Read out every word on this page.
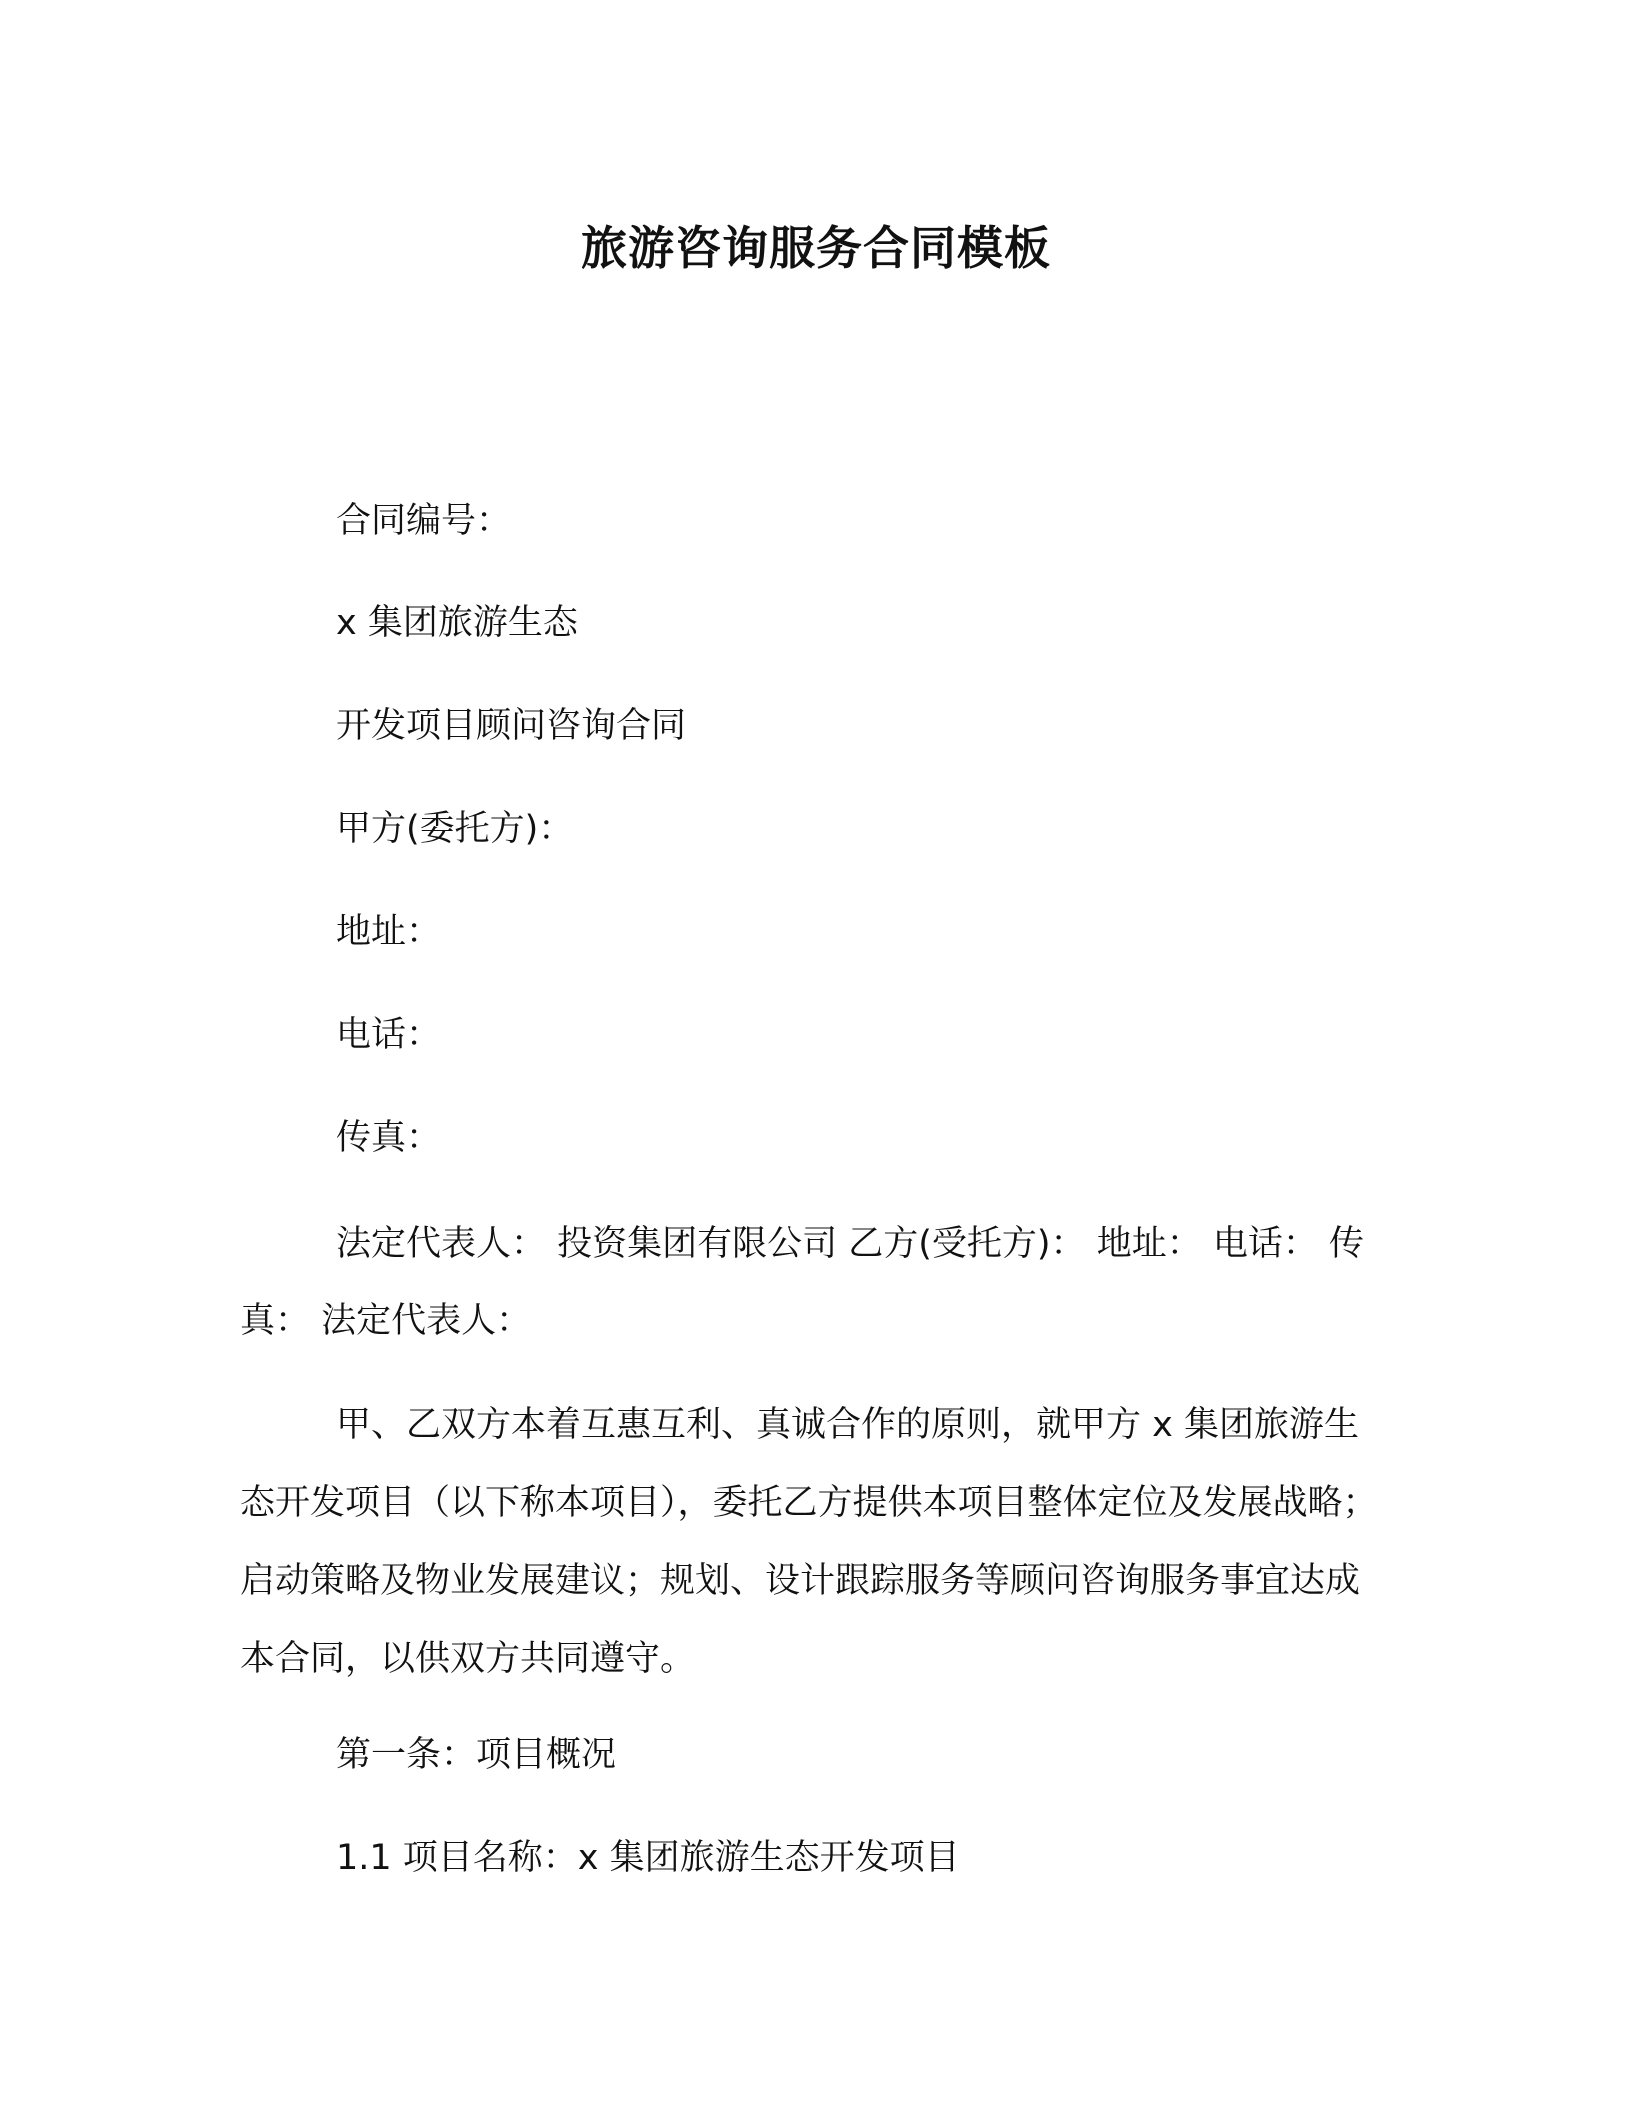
旅游咨询服务合同模板

合同编号：

x 集团旅游生态

开发项目顾问咨询合同

甲方(委托方)：

地址：

电话：

传真：

法定代表人： 投资集团有限公司 乙方(受托方)： 地址： 电话： 传真： 法定代表人：

甲、乙双方本着互惠互利、真诚合作的原则，就甲方 x 集团旅游生态开发项目（以下称本项目），委托乙方提供本项目整体定位及发展战略；启动策略及物业发展建议；规划、设计跟踪服务等顾问咨询服务事宜达成本合同，以供双方共同遵守。

第一条：项目概况

1.1 项目名称：x 集团旅游生态开发项目
